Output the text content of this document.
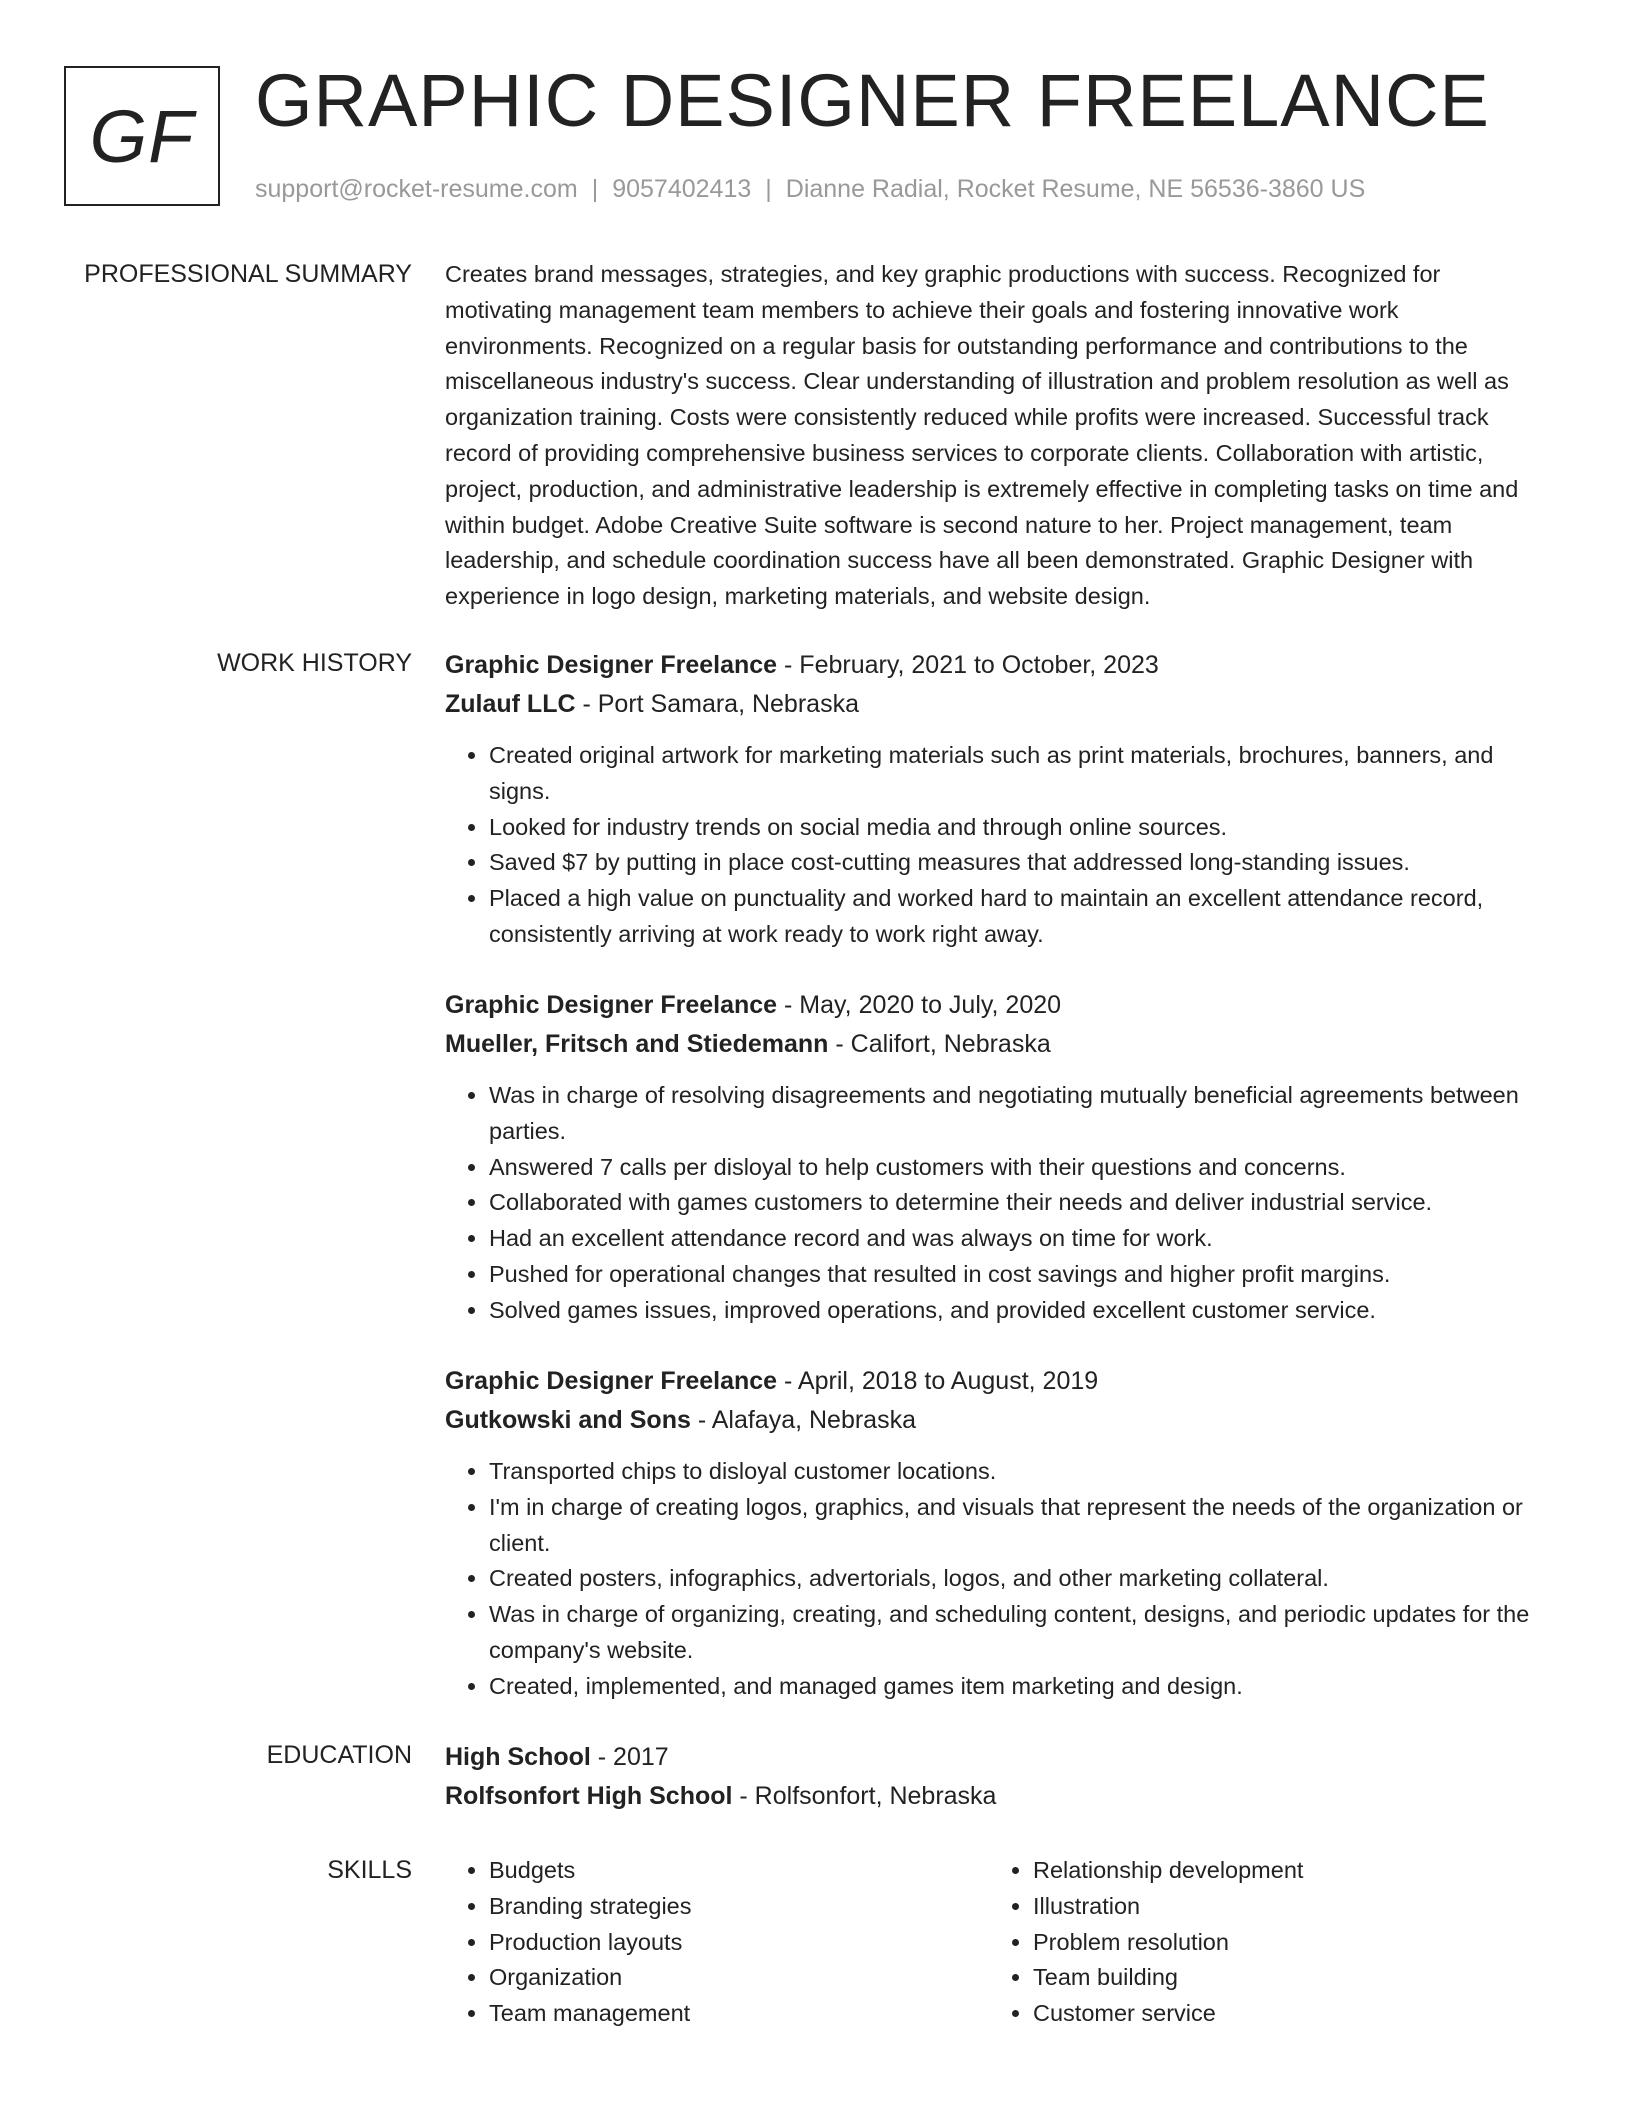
GF GRAPHIC DESIGNER FREELANCE
support@rocket-resume.com | 9057402413 | Dianne Radial, Rocket Resume, NE 56536-3860 US
PROFESSIONAL SUMMARY Creates brand messages, strategies, and key graphic productions with success. Recognized for motivating management team members to achieve their goals and fostering innovative work environments. Recognized on a regular basis for outstanding performance and contributions to the miscellaneous industry's success. Clear understanding of illustration and problem resolution as well as organization training. Costs were consistently reduced while profits were increased. Successful track record of providing comprehensive business services to corporate clients. Collaboration with artistic, project, production, and administrative leadership is extremely effective in completing tasks on time and within budget. Adobe Creative Suite software is second nature to her. Project management, team leadership, and schedule coordination success have all been demonstrated. Graphic Designer with experience in logo design, marketing materials, and website design.

WORK HISTORY Graphic Designer Freelance - February, 2021 to October, 2023
Zulauf LLC - Port Samara, Nebraska
• Created original artwork for marketing materials such as print materials, brochures, banners, and signs.
• Looked for industry trends on social media and through online sources.
• Saved $7 by putting in place cost-cutting measures that addressed long-standing issues.
• Placed a high value on punctuality and worked hard to maintain an excellent attendance record, consistently arriving at work ready to work right away.
Graphic Designer Freelance - May, 2020 to July, 2020
Mueller, Fritsch and Stiedemann - Califort, Nebraska
• Was in charge of resolving disagreements and negotiating mutually beneficial agreements between parties.
• Answered 7 calls per disloyal to help customers with their questions and concerns.
• Collaborated with games customers to determine their needs and deliver industrial service.
• Had an excellent attendance record and was always on time for work.
• Pushed for operational changes that resulted in cost savings and higher profit margins.
• Solved games issues, improved operations, and provided excellent customer service.
Graphic Designer Freelance - April, 2018 to August, 2019
Gutkowski and Sons - Alafaya, Nebraska
• Transported chips to disloyal customer locations.
• I'm in charge of creating logos, graphics, and visuals that represent the needs of the organization or client.
• Created posters, infographics, advertorials, logos, and other marketing collateral.
• Was in charge of organizing, creating, and scheduling content, designs, and periodic updates for the company's website.
• Created, implemented, and managed games item marketing and design.
EDUCATION High School - 2017
Rolfsonfort High School - Rolfsonfort, Nebraska
SKILLS
•	Budgets
• Branding strategies
• Production layouts
• Organization
• Team management
• Relationship development
• Illustration
• Problem resolution
• Team building
• Customer service
